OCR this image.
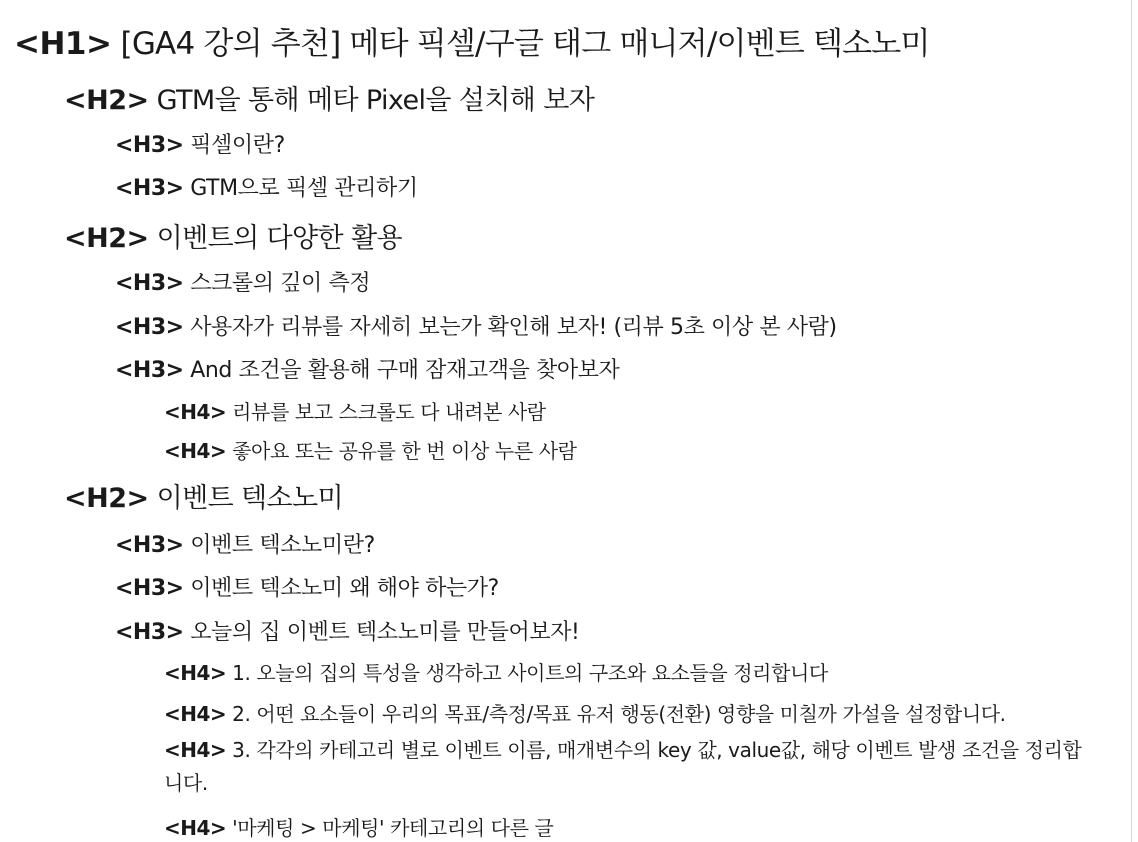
<H1> [GA4 강의 추천] 메타 픽셀/구글 태그 매니저/이벤트 텍소노미
<H2> GTM을 통해 메타 Pixel을 설치해 보자
<H3> 픽셀이란?
<H3> GTM으로 픽셀 관리하기
<H2> 이벤트의 다양한 활용
<H3> 스크롤의 깊이 측정
<H3> 사용자가 리뷰를 자세히 보는가 확인해 보자! (리뷰 5초 이상 본 사람)
<H3> And 조건을 활용해 구매 잠재고객을 찾아보자
<H4> 리뷰를 보고 스크롤도 다 내려본 사람
<H4> 좋아요 또는 공유를 한 번 이상 누른 사람
<H2> 이벤트 텍소노미
<H3> 이벤트 텍소노미란?
<H3> 이벤트 텍소노미 왜 해야 하는가?
<H3> 오늘의 집 이벤트 텍소노미를 만들어보자!
<H4> 1. 오늘의 집의 특성을 생각하고 사이트의 구조와 요소들을 정리합니다
<H4> 2. 어떤 요소들이 우리의 목표/측정/목표 유저 행동(전환) 영향을 미칠까 가설을 설정합니다.
<H4> 3. 각각의 카테고리 별로 이벤트 이름, 매개변수의 key 값, value값, 해당 이벤트 발생 조건을 정리합니다.
<H4> '마케팅 > 마케팅' 카테고리의 다른 글
